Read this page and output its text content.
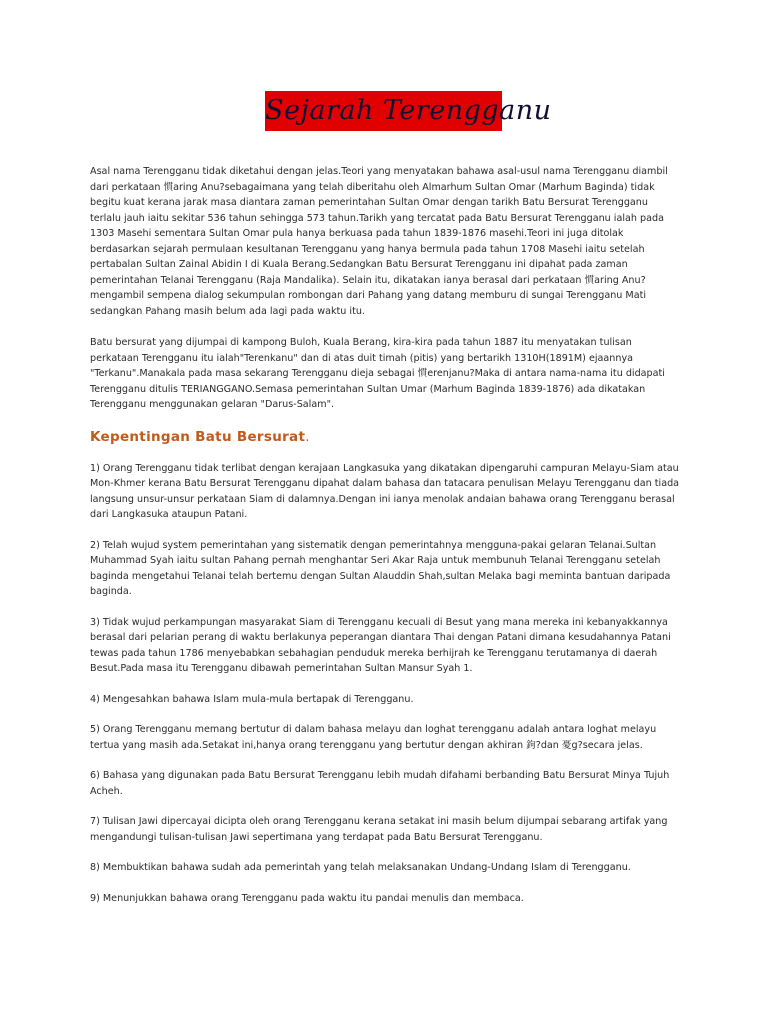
Sejarah Terengganu

Asal nama Terengganu tidak diketahui dengan jelas.Teori yang menyatakan bahawa asal-usul nama Terengganu diambil dari perkataan 慣aring Anu?sebagaimana yang telah diberitahu oleh Almarhum Sultan Omar (Marhum Baginda) tidak begitu kuat kerana jarak masa diantara zaman pemerintahan Sultan Omar dengan tarikh Batu Bersurat Terengganu terlalu jauh iaitu sekitar 536 tahun sehingga 573 tahun.Tarikh yang tercatat pada Batu Bersurat Terengganu ialah pada 1303 Masehi sementara Sultan Omar pula hanya berkuasa pada tahun 1839-1876 masehi.Teori ini juga ditolak berdasarkan sejarah permulaan kesultanan Terengganu yang hanya bermula pada tahun 1708 Masehi iaitu setelah pertabalan Sultan Zainal Abidin I di Kuala Berang.Sedangkan Batu Bersurat Terengganu ini dipahat pada zaman pemerintahan Telanai Terengganu (Raja Mandalika). Selain itu, dikatakan ianya berasal dari perkataan 慣aring Anu?mengambil sempena dialog sekumpulan rombongan dari Pahang yang datang memburu di sungai Terengganu Mati sedangkan Pahang masih belum ada lagi pada waktu itu.

Batu bersurat yang dijumpai di kampong Buloh, Kuala Berang, kira-kira pada tahun 1887 itu menyatakan tulisan perkataan Terengganu itu ialah"Terenkanu" dan di atas duit timah (pitis) yang bertarikh 1310H(1891M) ejaannya "Terkanu".Manakala pada masa sekarang Terengganu dieja sebagai 慣erenjanu?Maka di antara nama-nama itu didapati Terengganu ditulis TERIANGGANO.Semasa pemerintahan Sultan Umar (Marhum Baginda 1839-1876) ada dikatakan Terengganu menggunakan gelaran "Darus-Salam".

Kepentingan Batu Bersurat.

1) Orang Terengganu tidak terlibat dengan kerajaan Langkasuka yang dikatakan dipengaruhi campuran Melayu-Siam atau Mon-Khmer kerana Batu Bersurat Terengganu dipahat dalam bahasa dan tatacara penulisan Melayu Terengganu dan tiada langsung unsur-unsur perkataan Siam di dalamnya.Dengan ini ianya menolak andaian bahawa orang Terengganu berasal dari Langkasuka ataupun Patani.

2) Telah wujud system pemerintahan yang sistematik dengan pemerintahnya mengguna-pakai gelaran Telanai.Sultan Muhammad Syah iaitu sultan Pahang pernah menghantar Seri Akar Raja untuk membunuh Telanai Terengganu setelah baginda mengetahui Telanai telah bertemu dengan Sultan Alauddin Shah,sultan Melaka bagi meminta bantuan daripada baginda.

3) Tidak wujud perkampungan masyarakat Siam di Terengganu kecuali di Besut yang mana mereka ini kebanyakkannya berasal dari pelarian perang di waktu berlakunya peperangan diantara Thai dengan Patani dimana kesudahannya Patani tewas pada tahun 1786 menyebabkan sebahagian penduduk mereka berhijrah ke Terengganu terutamanya di daerah Besut.Pada masa itu Terengganu dibawah pemerintahan Sultan Mansur Syah 1.

4) Mengesahkan bahawa Islam mula-mula bertapak di Terengganu.

5) Orang Terengganu memang bertutur di dalam bahasa melayu dan loghat terengganu adalah antara loghat melayu tertua yang masih ada.Setakat ini,hanya orang terengganu yang bertutur dengan akhiran 鉤?dan 憂g?secara jelas.

6) Bahasa yang digunakan pada Batu Bersurat Terengganu lebih mudah difahami berbanding Batu Bersurat Minya Tujuh Acheh.

7) Tulisan Jawi dipercayai dicipta oleh orang Terengganu kerana setakat ini masih belum dijumpai sebarang artifak yang mengandungi tulisan-tulisan Jawi sepertimana yang terdapat pada Batu Bersurat Terengganu.

8) Membuktikan bahawa sudah ada pemerintah yang telah melaksanakan Undang-Undang Islam di Terengganu.

9) Menunjukkan bahawa orang Terengganu pada waktu itu pandai menulis dan membaca.
